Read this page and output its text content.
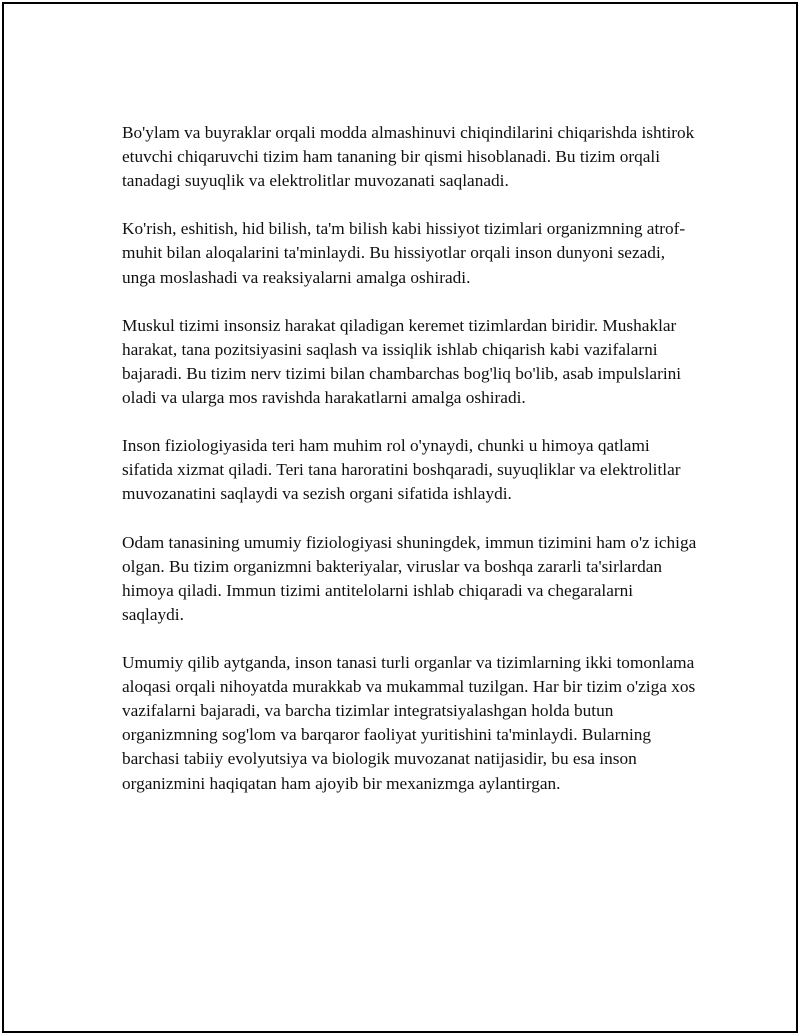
Bo'ylam va buyraklar orqali modda almashinuvi chiqindilarini chiqarishda ishtirok etuvchi chiqaruvchi tizim ham tananing bir qismi hisoblanadi. Bu tizim orqali tanadagi suyuqlik va elektrolitlar muvozanati saqlanadi.

Ko'rish, eshitish, hid bilish, ta'm bilish kabi hissiyot tizimlari organizmning atrof-muhit bilan aloqalarini ta'minlaydi. Bu hissiyotlar orqali inson dunyoni sezadi, unga moslashadi va reaksiyalarni amalga oshiradi.

Muskul tizimi insonsiz harakat qiladigan keremet tizimlardan biridir. Mushaklar harakat, tana pozitsiyasini saqlash va issiqlik ishlab chiqarish kabi vazifalarni bajaradi. Bu tizim nerv tizimi bilan chambarchas bog'liq bo'lib, asab impulslarini oladi va ularga mos ravishda harakatlarni amalga oshiradi.

Inson fiziologiyasida teri ham muhim rol o'ynaydi, chunki u himoya qatlami sifatida xizmat qiladi. Teri tana haroratini boshqaradi, suyuqliklar va elektrolitlar muvozanatini saqlaydi va sezish organi sifatida ishlaydi.

Odam tanasining umumiy fiziologiyasi shuningdek, immun tizimini ham o'z ichiga olgan. Bu tizim organizmni bakteriyalar, viruslar va boshqa zararli ta'sirlardan himoya qiladi. Immun tizimi antitelolarni ishlab chiqaradi va chegaralarni saqlaydi.

Umumiy qilib aytganda, inson tanasi turli organlar va tizimlarning ikki tomonlama aloqasi orqali nihoyatda murakkab va mukammal tuzilgan. Har bir tizim o'ziga xos vazifalarni bajaradi, va barcha tizimlar integratsiyalashgan holda butun organizmning sog'lom va barqaror faoliyat yuritishini ta'minlaydi. Bularning barchasi tabiiy evolyutsiya va biologik muvozanat natijasidir, bu esa inson organizmini haqiqatan ham ajoyib bir mexanizmga aylantirgan.
